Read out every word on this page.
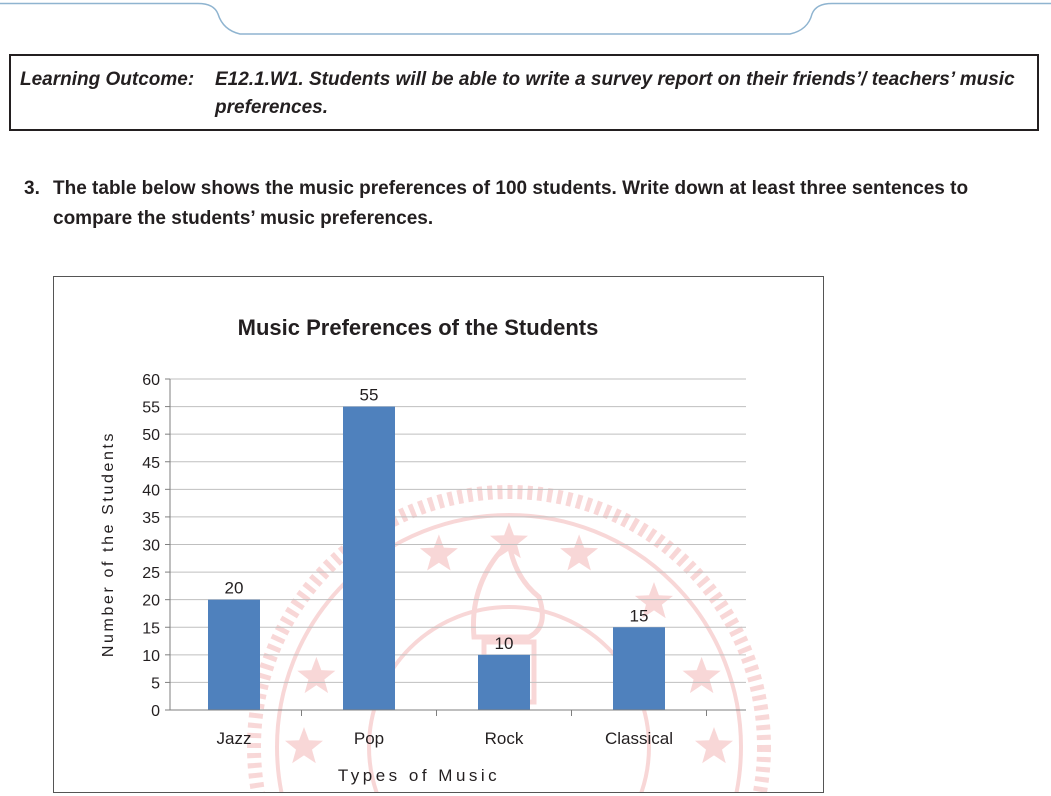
Learning Outcome: E12.1.W1. Students will be able to write a survey report on their friends’/ teachers’ music preferences.
3. The table below shows the music preferences of 100 students. Write down at least three sentences to compare the students’ music preferences.
20
55
10
15
0
5
10
15
20
25
30
35
40
45
50
55
60
Jazz	Pop	Rock	Classical
Music Preferences of the Students
Types of Music
Number of the Students
